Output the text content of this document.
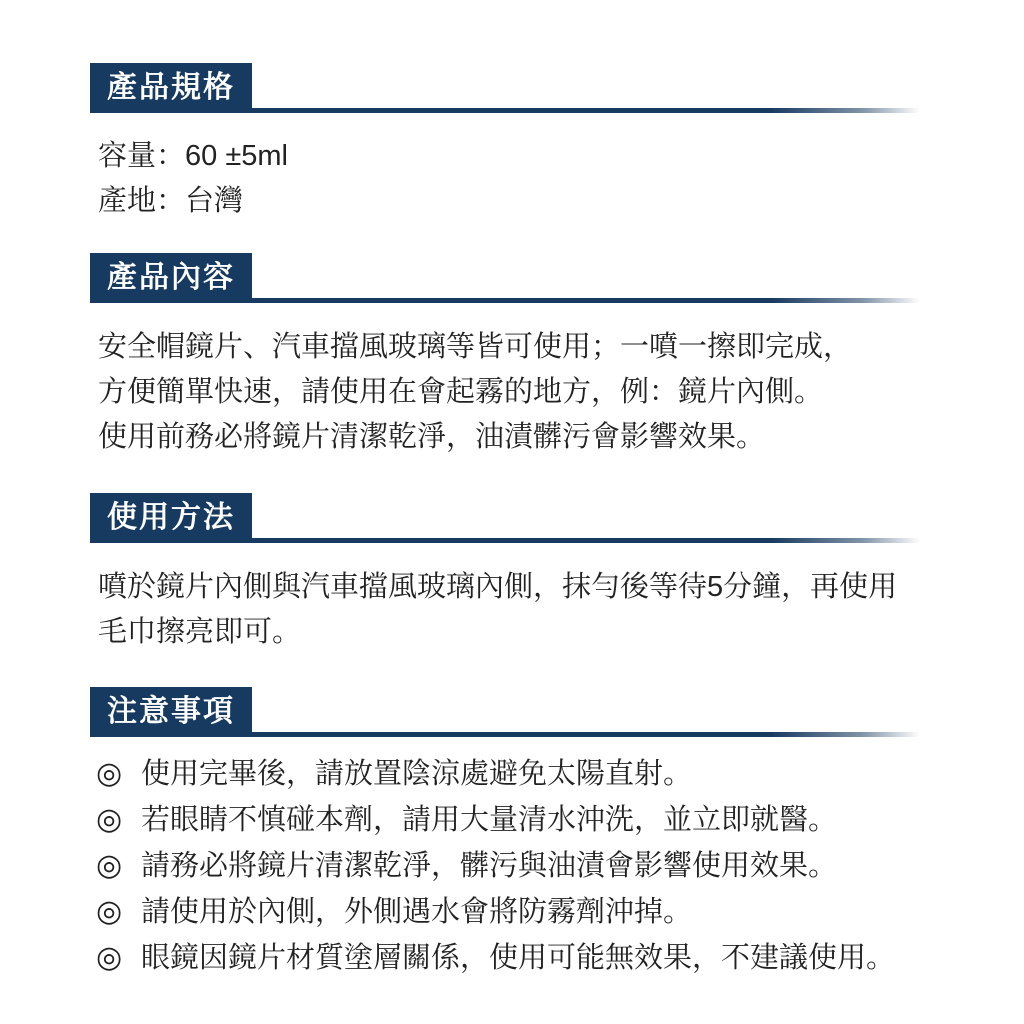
產品規格
容量：60 ±5ml
產地：台灣
產品內容
安全帽鏡片、汽車擋風玻璃等皆可使用；一噴一擦即完成，
方便簡單快速，請使用在會起霧的地方，例：鏡片內側。
使用前務必將鏡片清潔乾淨，油漬髒污會影響效果。
使用方法
噴於鏡片內側與汽車擋風玻璃內側，抹勻後等待5分鐘，再使用
毛巾擦亮即可。
注意事項
◎ 使用完畢後，請放置陰涼處避免太陽直射。
◎ 若眼睛不慎碰本劑，請用大量清水沖洗，並立即就醫。
◎ 請務必將鏡片清潔乾淨，髒污與油漬會影響使用效果。
◎ 請使用於內側，外側遇水會將防霧劑沖掉。
◎ 眼鏡因鏡片材質塗層關係，使用可能無效果，不建議使用。
